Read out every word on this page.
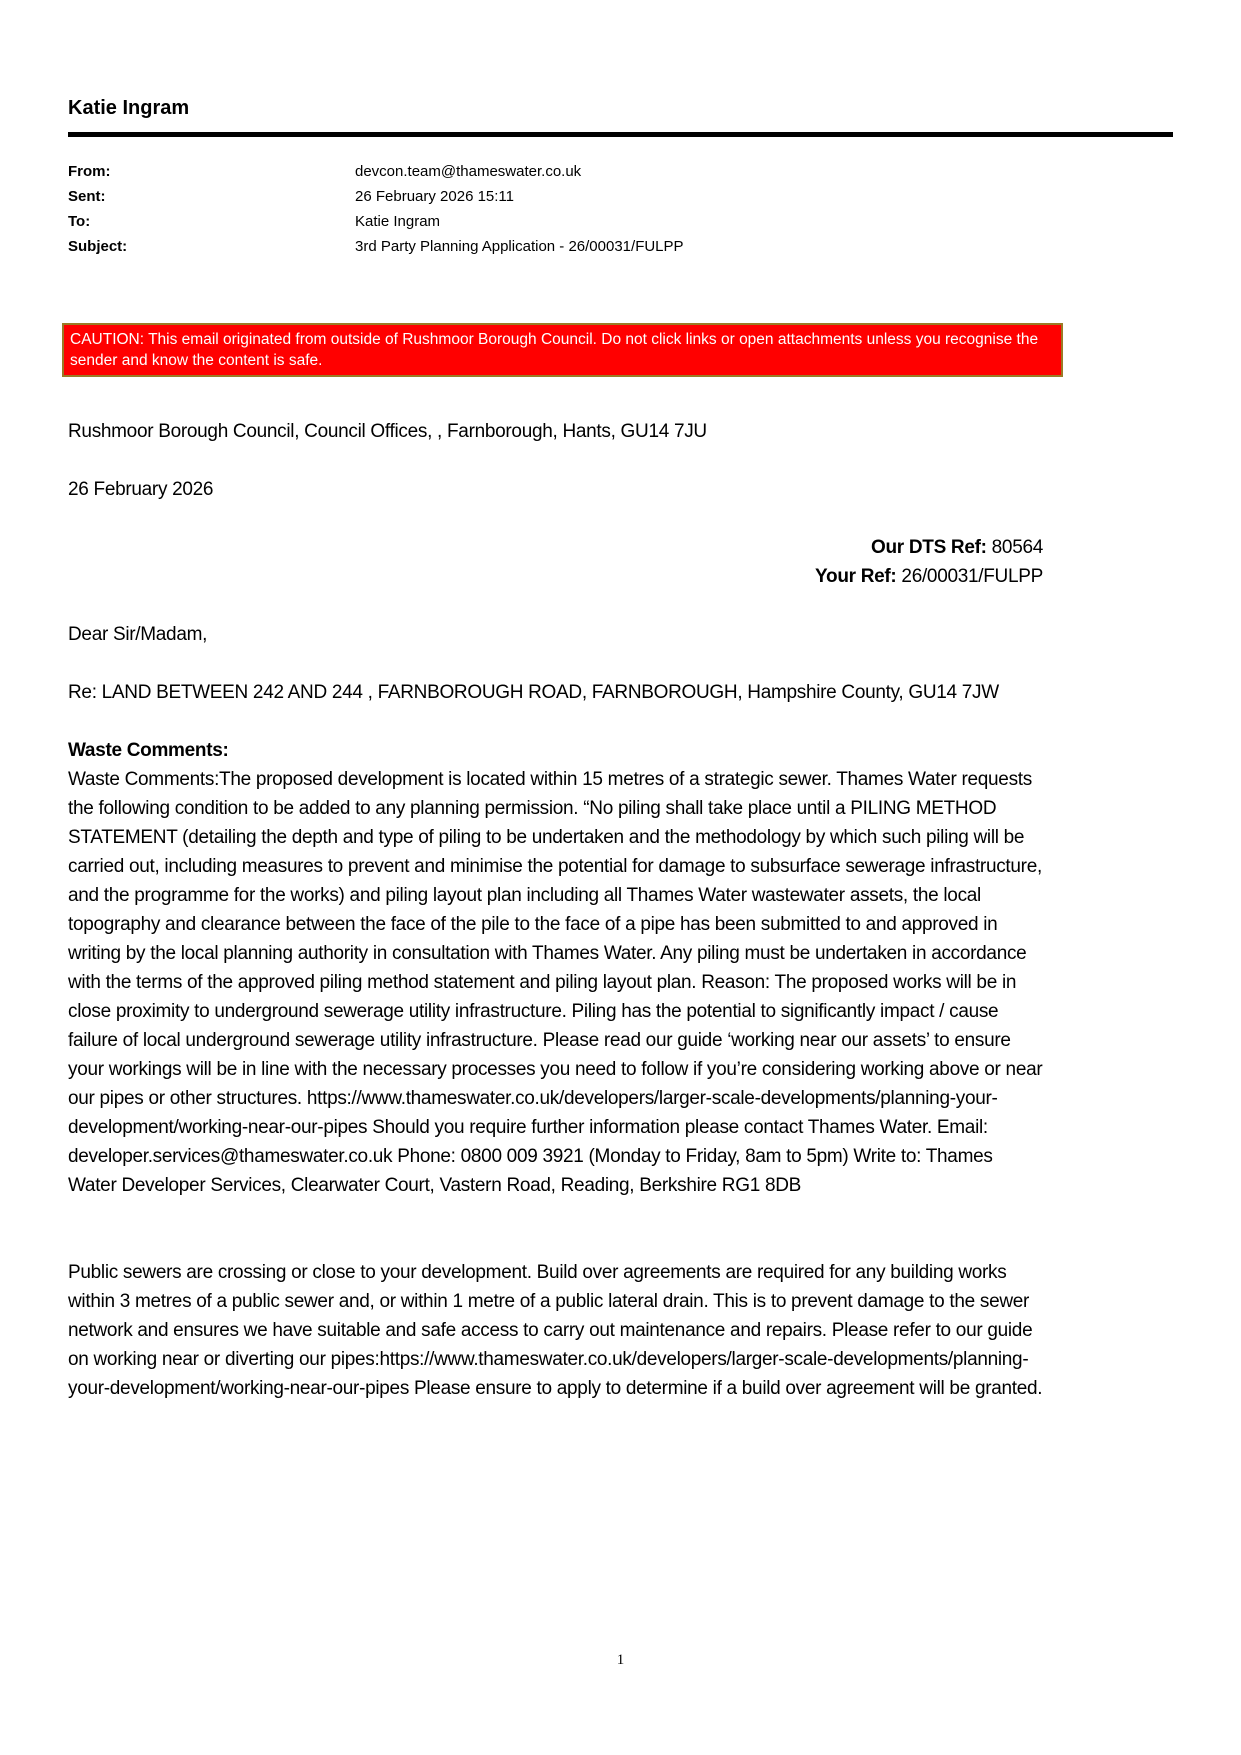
Katie Ingram
From:	devcon.team@thameswater.co.uk
Sent:	26 February 2026 15:11
To:	Katie Ingram
Subject:	3rd Party Planning Application - 26/00031/FULPP
CAUTION: This email originated from outside of Rushmoor Borough Council. Do not click links or open attachments unless you recognise the sender and know the content is safe.

Rushmoor Borough Council, Council Offices, , Farnborough, Hants, GU14 7JU

26 February 2026

Our DTS Ref: 80564
Your Ref: 26/00031/FULPP

Dear Sir/Madam,

Re: LAND BETWEEN 242 AND 244 , FARNBOROUGH ROAD, FARNBOROUGH, Hampshire County, GU14 7JW

Waste Comments:

Waste Comments:The proposed development is located within 15 metres of a strategic sewer. Thames Water requests the following condition to be added to any planning permission. “No piling shall take place until a PILING METHOD STATEMENT (detailing the depth and type of piling to be undertaken and the methodology by which such piling will be carried out, including measures to prevent and minimise the potential for damage to subsurface sewerage infrastructure, and the programme for the works) and piling layout plan including all Thames Water wastewater assets, the local topography and clearance between the face of the pile to the face of a pipe has been submitted to and approved in writing by the local planning authority in consultation with Thames Water. Any piling must be undertaken in accordance with the terms of the approved piling method statement and piling layout plan. Reason: The proposed works will be in close proximity to underground sewerage utility infrastructure. Piling has the potential to significantly impact / cause failure of local underground sewerage utility infrastructure. Please read our guide ‘working near our assets’ to ensure your workings will be in line with the necessary processes you need to follow if you’re considering working above or near our pipes or other structures. https://www.thameswater.co.uk/developers/larger-scale-developments/planning-your-development/working-near-our-pipes Should you require further information please contact Thames Water. Email: developer.services@thameswater.co.uk Phone: 0800 009 3921 (Monday to Friday, 8am to 5pm) Write to: Thames Water Developer Services, Clearwater Court, Vastern Road, Reading, Berkshire RG1 8DB

Public sewers are crossing or close to your development. Build over agreements are required for any building works within 3 metres of a public sewer and, or within 1 metre of a public lateral drain. This is to prevent damage to the sewer network and ensures we have suitable and safe access to carry out maintenance and repairs. Please refer to our guide on working near or diverting our pipes:https://www.thameswater.co.uk/developers/larger-scale-developments/planning-your-development/working-near-our-pipes Please ensure to apply to determine if a build over agreement will be granted.

1
